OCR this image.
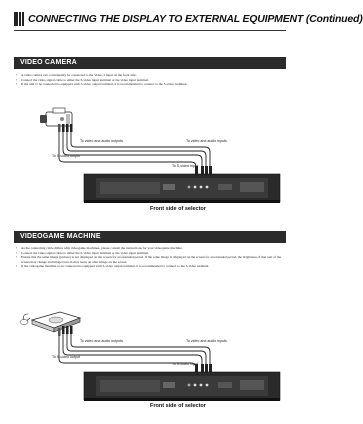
CONNECTING THE DISPLAY TO EXTERNAL EQUIPMENT (Continued)
VIDEO CAMERA
• A video camera can conveniently be connected to the Video-3 input on the front side.
• Connect the video signal cable to either the S-video input terminal or the video input terminal.
• If the unit to be connected is equipped with S-video output terminal, it is recommended to connect to the S-video terminal.
To video and audio outputs	To video and audio inputs
To S-video output
To S-video input
Front side of selector
VIDEOGAME MACHINE
• As the connecting cable differs with videogame machines, please consult the instructions for your videogame machine.
• Connect the video signal cable to either the S-video input terminal or the video input terminal.
• Ensure that the same image (picture) is not displayed on the screen for an extended period. If the same image is displayed on the screen for an extended period, the brightness of that part of the screen may change and image burn-in may leave an after-image on the screen.
• If the videogame machine to be connected is equipped with S-video output terminal, it is recommended to connect to the S-video terminal.
To video and audio outputs	To video and audio inputs
To S-video output
To S-video input
Front side of selector
